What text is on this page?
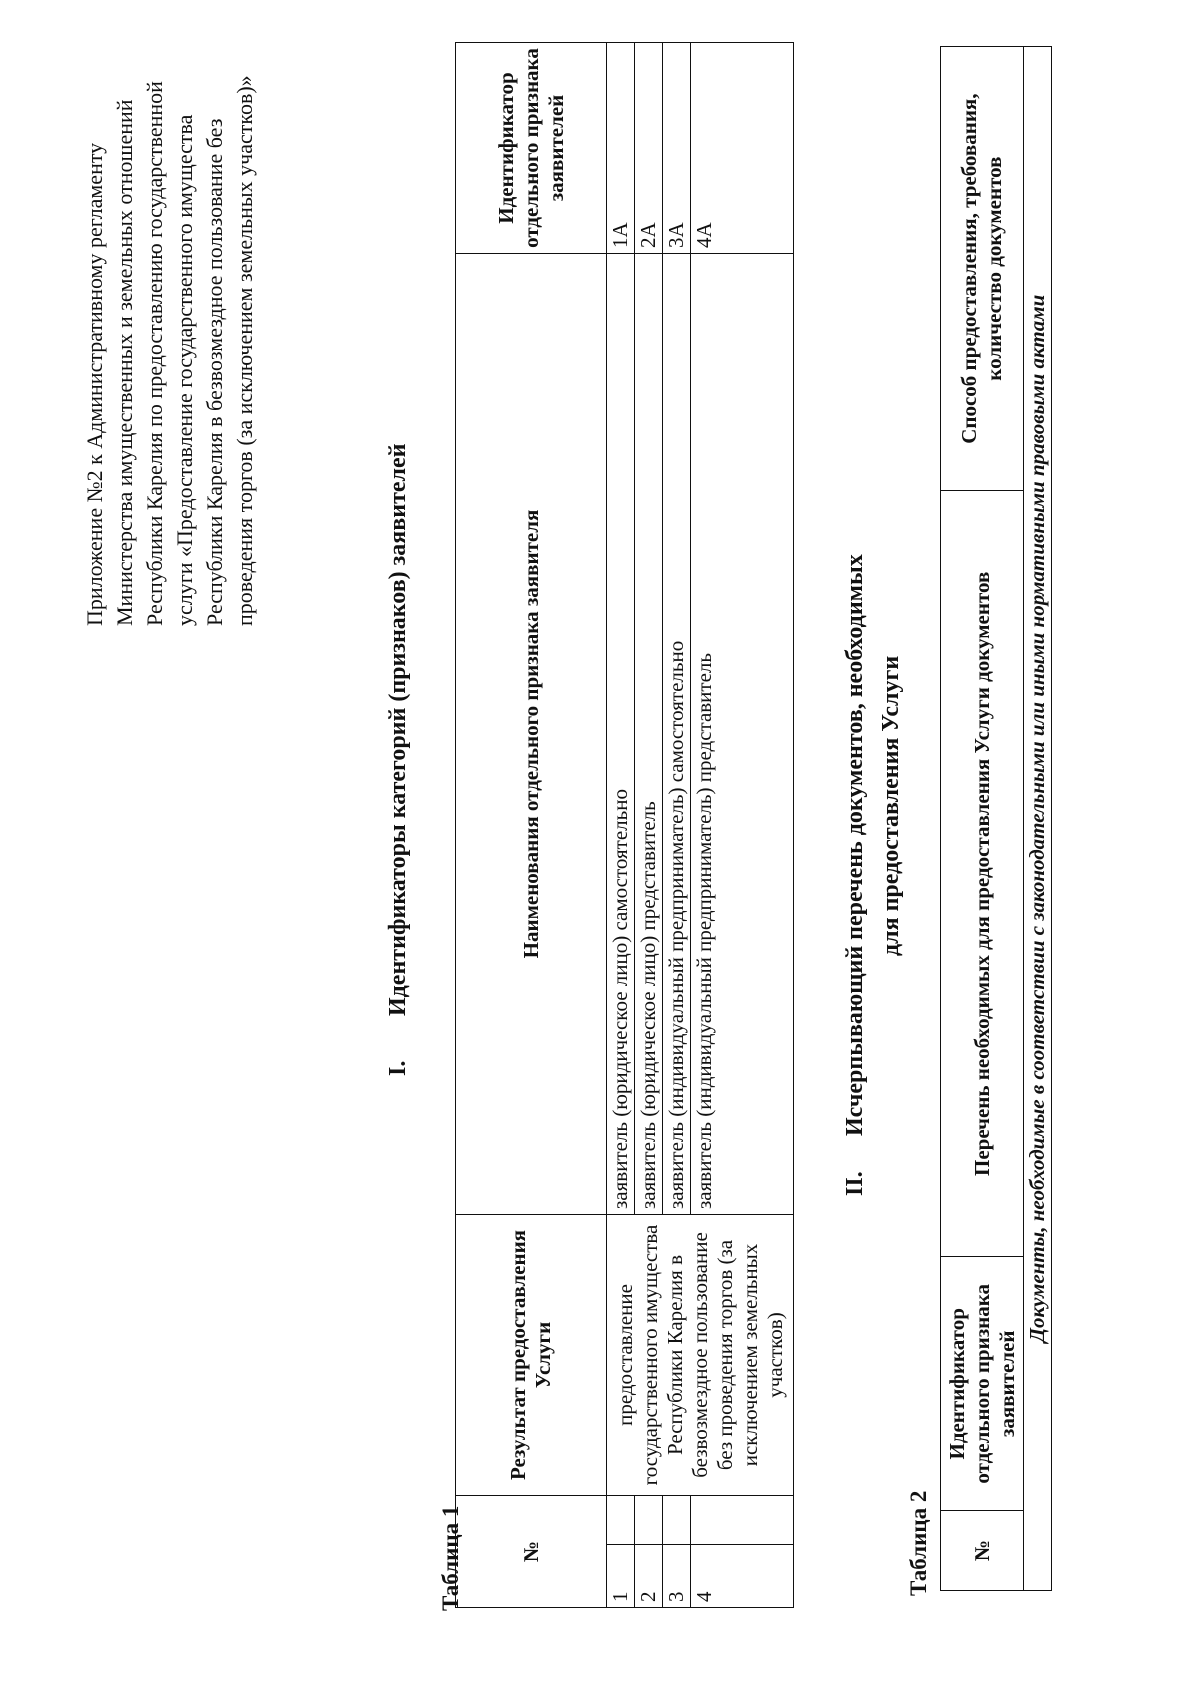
Приложение №2 к Административному регламенту Министерства имущественных и земельных отношений Республики Карелия по предоставлению государственной услуги «Предоставление государственного имущества Республики Карелия в безвозмездное пользование без проведения торгов (за исключением земельных участков)»
I.Идентификаторы категорий (признаков) заявителей
Таблица 1	№		Результат предоставления Услуги	Наименования отдельного признака заявителя	Идентификатор отдельного признака заявителей
1		предоставление государственного имущества Республики Карелия в безвозмездное пользование без проведения торгов (за исключением земельных участков)	заявитель (юридическое лицо) самостоятельно	1А
2			заявитель (юридическое лицо) представитель	2А
3			заявитель (индивидуальный предприниматель) самостоятельно	3А
4			заявитель (индивидуальный предприниматель) представитель	4А
II.Исчерпывающий перечень документов, необходимых для предоставления Услуги
Таблица 2 №	Идентификатор отдельного признака заявителей	Перечень необходимых для предоставления Услуги документов	Способ предоставления, требования, количество документов
Документы, необходимые в соответствии с законодательными или иными нормативными правовыми актами
